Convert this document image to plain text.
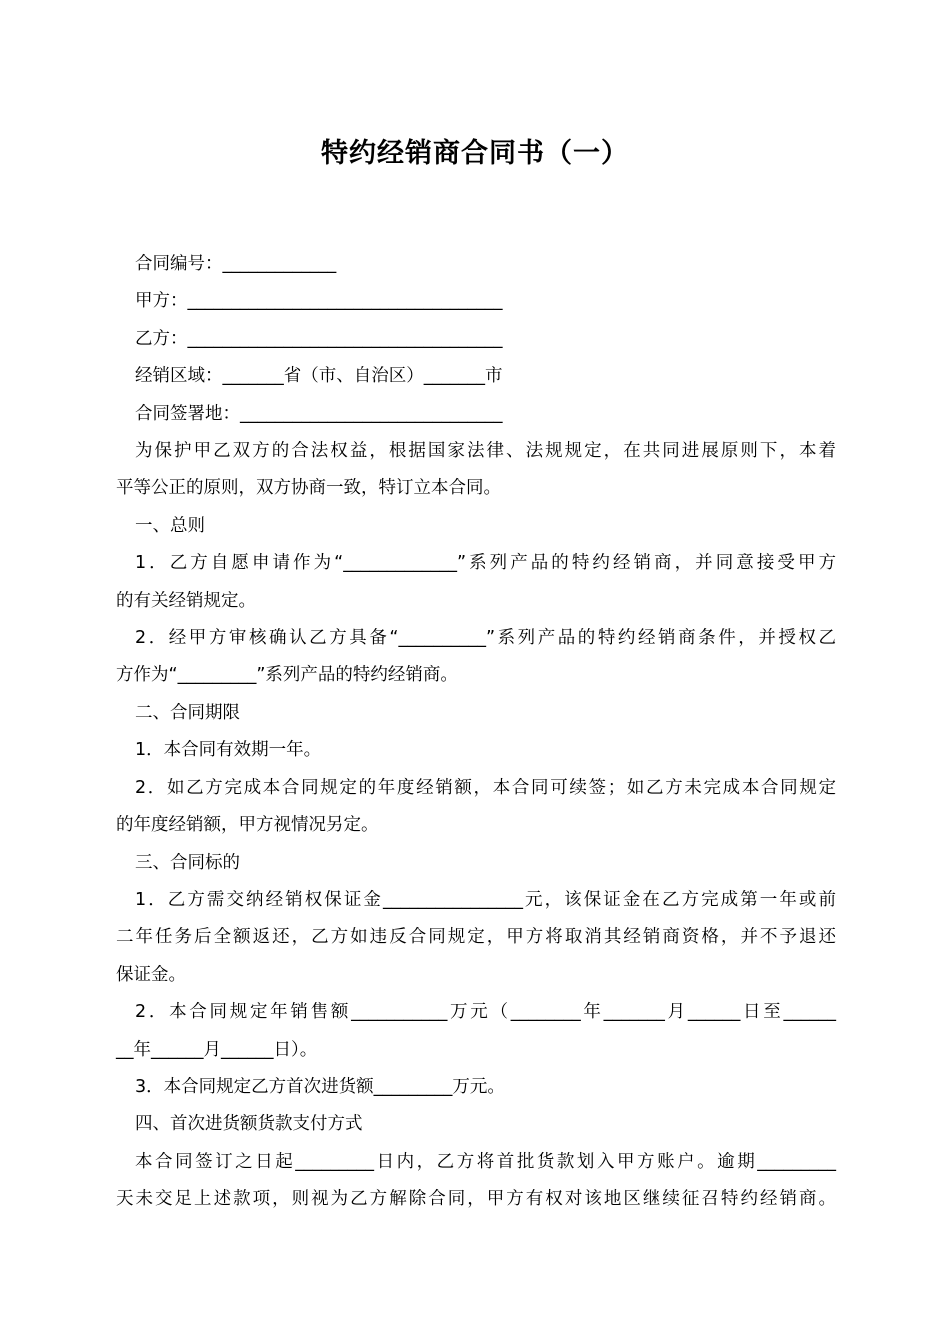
特约经销商合同书（一）

合同编号：_____________

甲方：____________________________________

乙方：____________________________________

经销区域：_______省（市、自治区）_______市

合同签署地：______________________________

为保护甲乙双方的合法权益，根据国家法律、法规规定，在共同进展原则下，本着

平等公正的原则，双方协商一致，特订立本合同。

一、总则

1．乙方自愿申请作为“_____________”系列产品的特约经销商，并同意接受甲方

的有关经销规定。

2．经甲方审核确认乙方具备“__________”系列产品的特约经销商条件，并授权乙

方作为“_________”系列产品的特约经销商。

二、合同期限

1．本合同有效期一年。

2．如乙方完成本合同规定的年度经销额，本合同可续签；如乙方未完成本合同规定

的年度经销额，甲方视情况另定。

三、合同标的

1．乙方需交纳经销权保证金________________元，该保证金在乙方完成第一年或前

二年任务后全额返还，乙方如违反合同规定，甲方将取消其经销商资格，并不予退还

保证金。

2．本合同规定年销售额___________万元（________年_______月______日至______

__年______月______日）。

3．本合同规定乙方首次进货额_________万元。

四、首次进货额货款支付方式

本合同签订之日起_________日内，乙方将首批货款划入甲方账户。逾期_________

天未交足上述款项，则视为乙方解除合同，甲方有权对该地区继续征召特约经销商。
